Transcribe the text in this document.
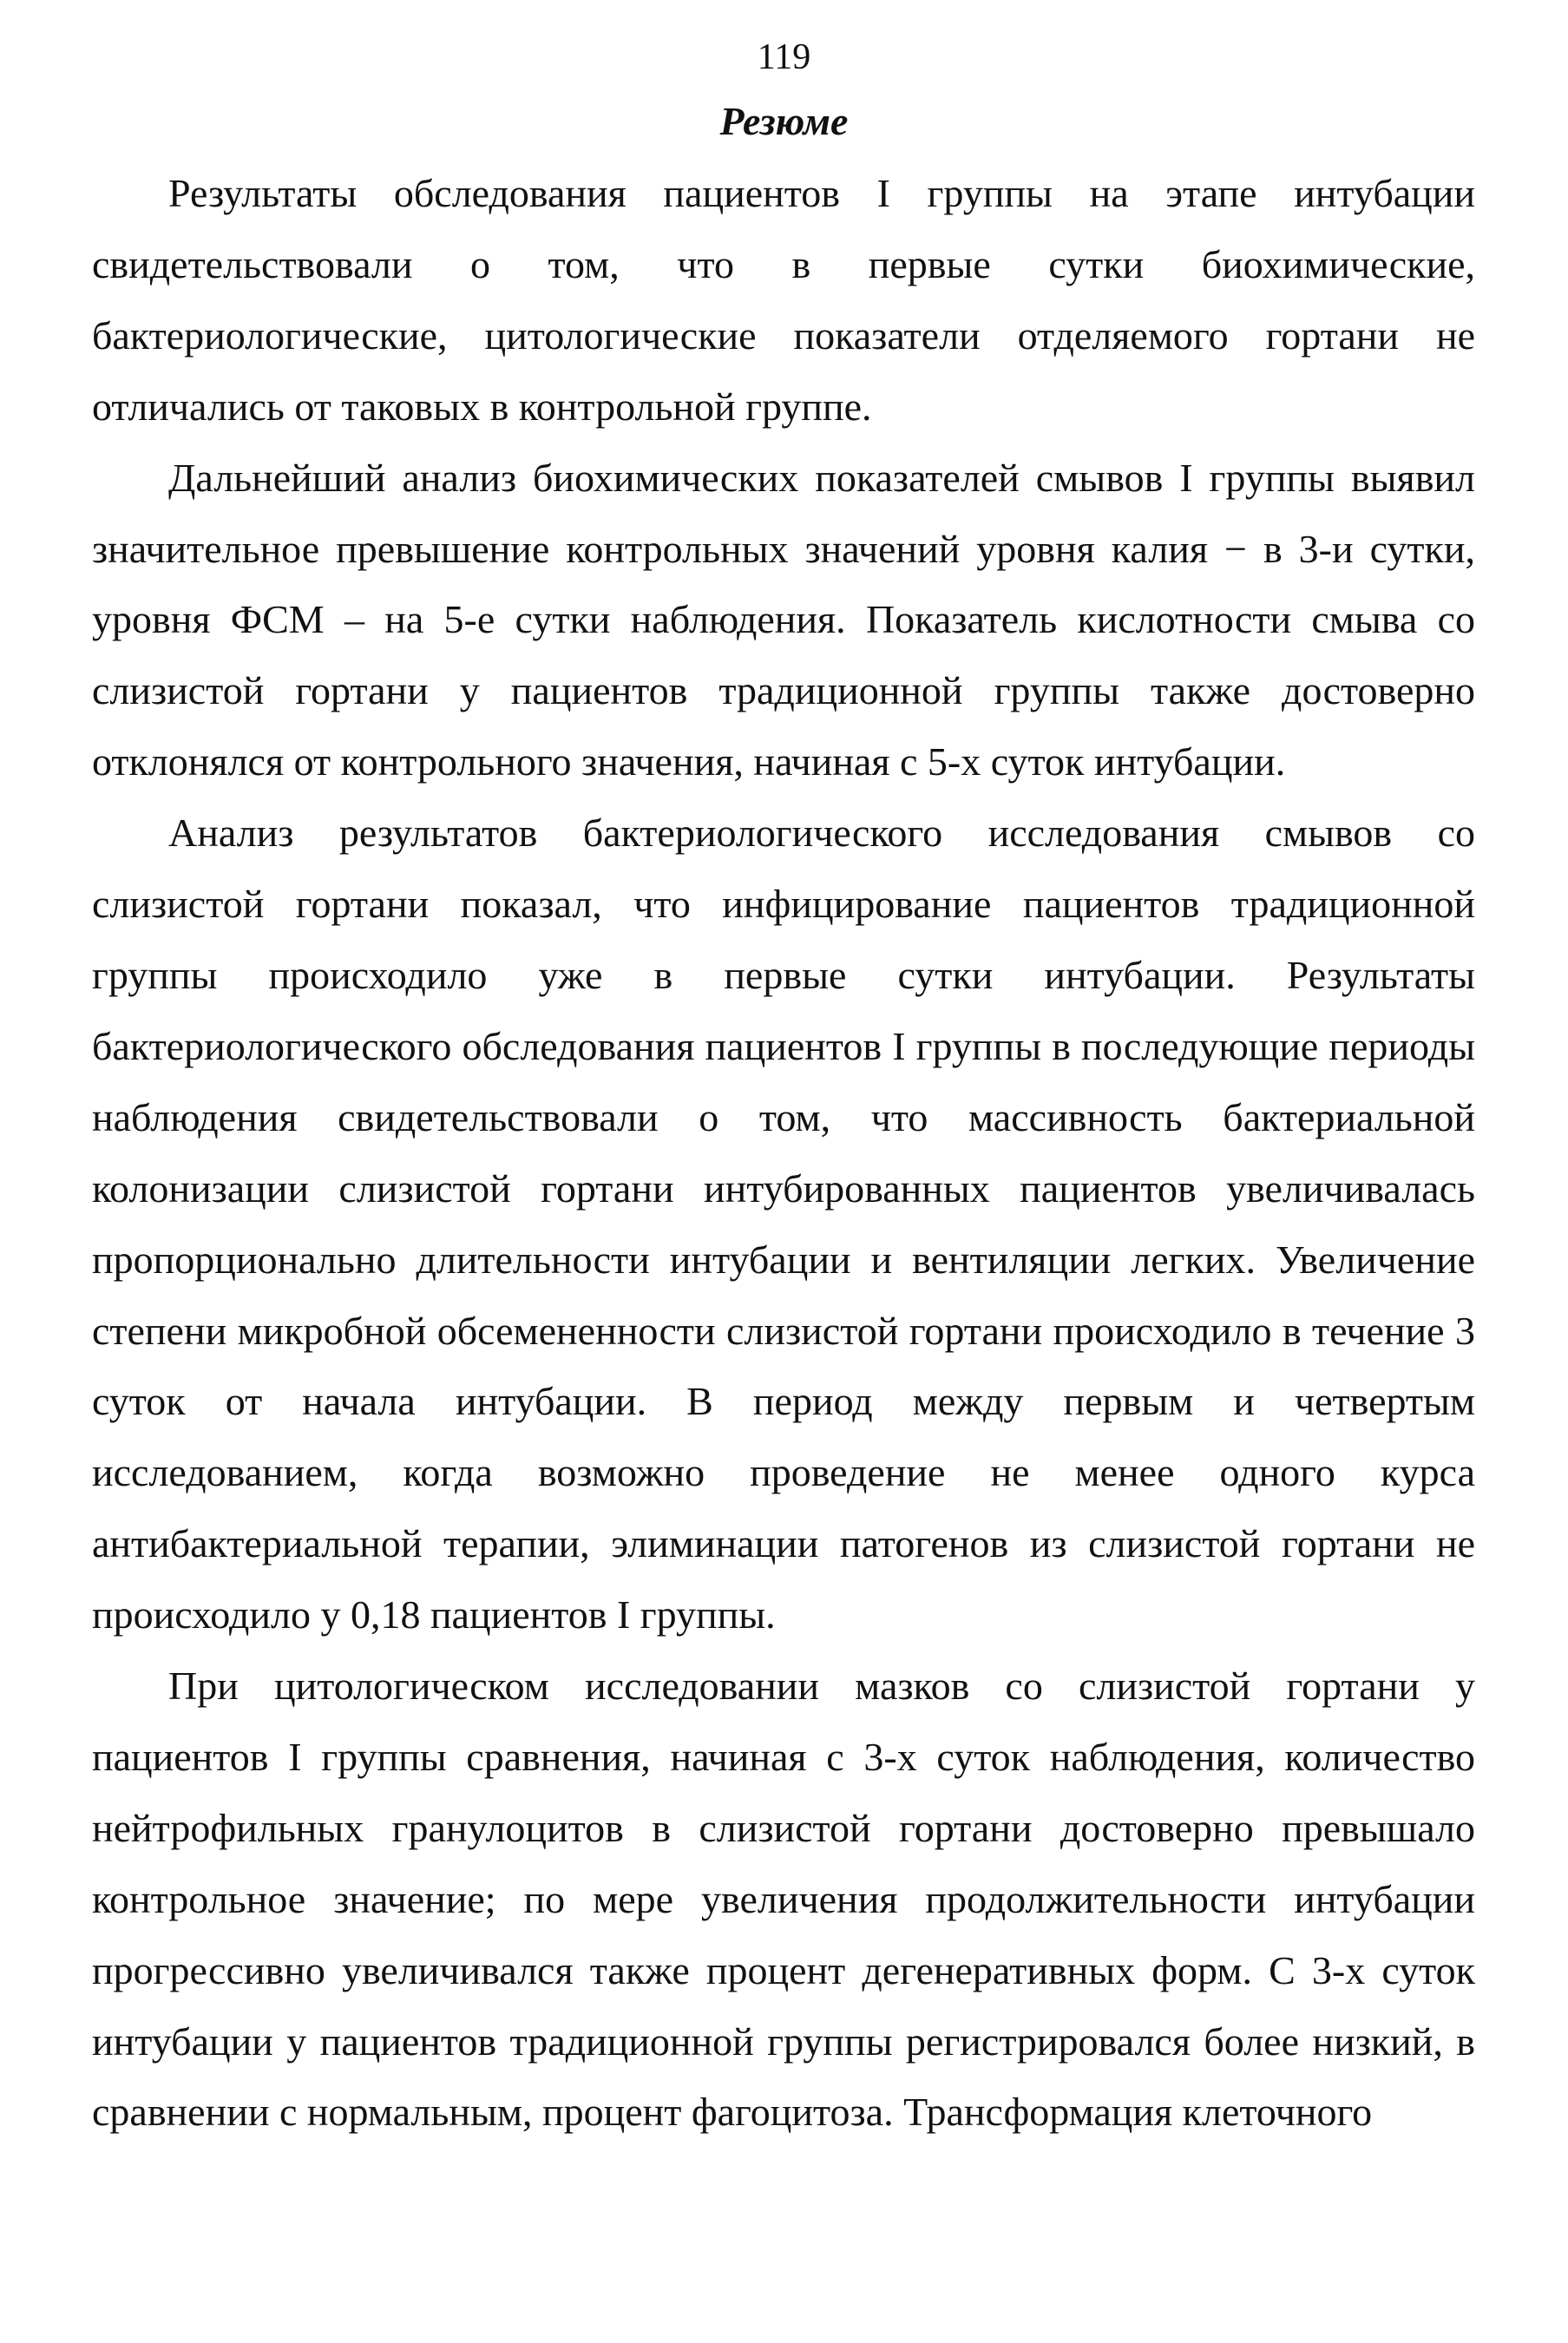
119
Резюме

Результаты обследования пациентов I группы на этапе интубации свидетельствовали о том, что в первые сутки биохимические, бактериологические, цитологические показатели отделяемого гортани не отличались от таковых в контрольной группе.

Дальнейший анализ биохимических показателей смывов I группы выявил значительное превышение контрольных значений уровня калия − в 3-и сутки, уровня ФСМ – на 5-е сутки наблюдения. Показатель кислотности смыва со слизистой гортани у пациентов традиционной группы также достоверно отклонялся от контрольного значения, начиная с 5-х суток интубации.

Анализ результатов бактериологического исследования смывов со слизистой гортани показал, что инфицирование пациентов традиционной группы происходило уже в первые сутки интубации. Результаты бактериологического обследования пациентов I группы в последующие периоды наблюдения свидетельствовали о том, что массивность бактериальной колонизации слизистой гортани интубированных пациентов увеличивалась пропорционально длительности интубации и вентиляции легких. Увеличение степени микробной обсемененности слизистой гортани происходило в течение 3 суток от начала интубации. В период между первым и четвертым исследованием, когда возможно проведение не менее одного курса антибактериальной терапии, элиминации патогенов из слизистой гортани не происходило у 0,18 пациентов I группы.

При цитологическом исследовании мазков со слизистой гортани у пациентов I группы сравнения, начиная с 3-х суток наблюдения, количество нейтрофильных гранулоцитов в слизистой гортани достоверно превышало контрольное значение; по мере увеличения продолжительности интубации прогрессивно увеличивался также процент дегенеративных форм. С 3-х суток интубации у пациентов традиционной группы регистрировался более низкий, в сравнении с нормальным, процент фагоцитоза. Трансформация клеточного
